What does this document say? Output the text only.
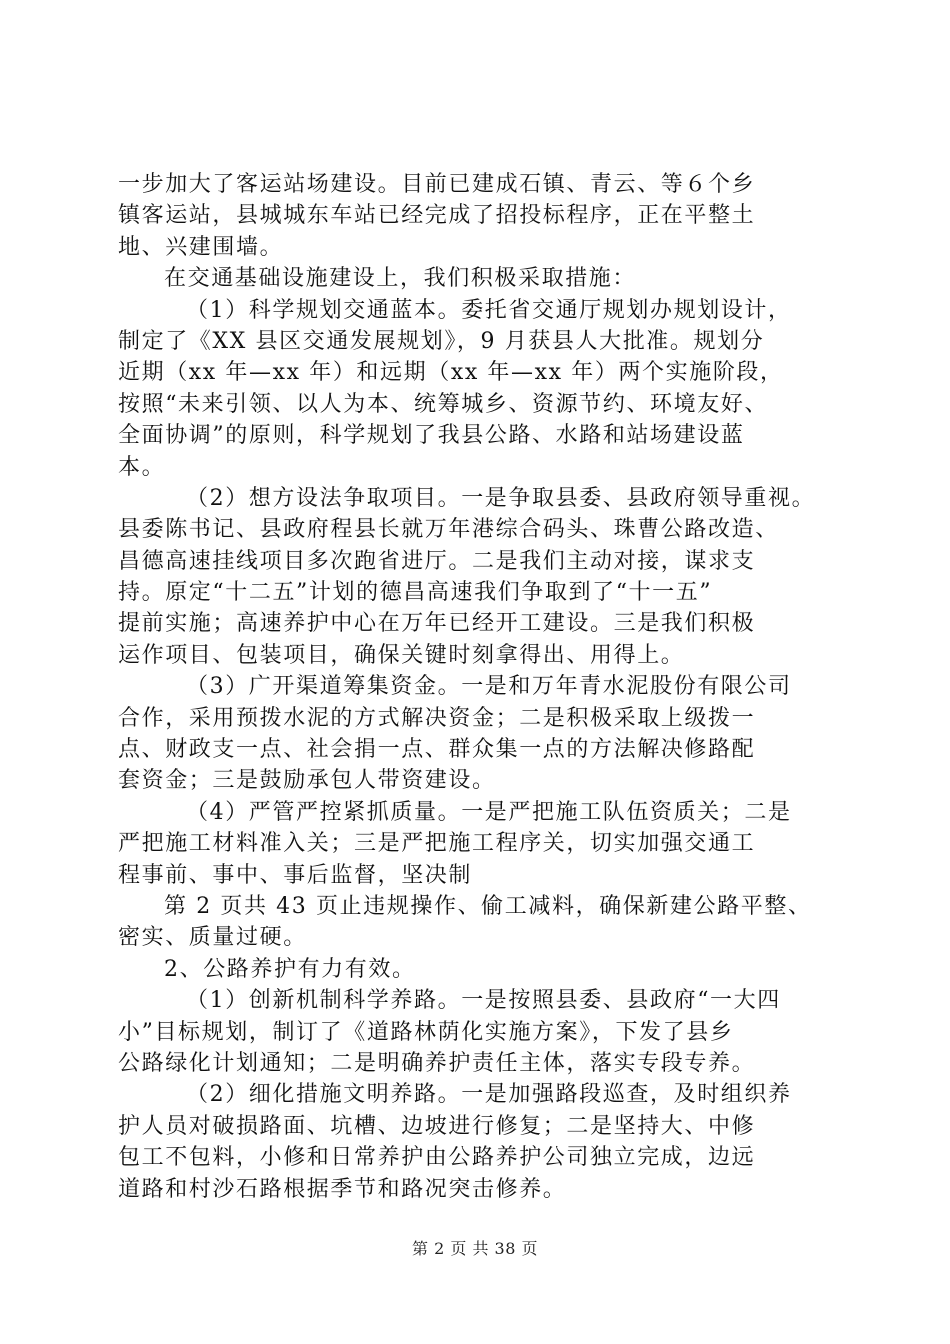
一步加大了客运站场建设。目前已建成石镇、青云、等６个乡
镇客运站，县城城东车站已经完成了招投标程序，正在平整土
地、兴建围墙。
在交通基础设施建设上，我们积极采取措施：
（1）科学规划交通蓝本。委托省交通厅规划办规划设计，
制定了《XX 县区交通发展规划》，9 月获县人大批准。规划分
近期（xx 年—xx 年）和远期（xx 年—xx 年）两个实施阶段，
按照“未来引领、以人为本、统筹城乡、资源节约、环境友好、
全面协调”的原则，科学规划了我县公路、水路和站场建设蓝
本。
（2）想方设法争取项目。一是争取县委、县政府领导重视。
县委陈书记、县政府程县长就万年港综合码头、珠曹公路改造、
昌德高速挂线项目多次跑省进厅。二是我们主动对接，谋求支
持。原定“十二五”计划的德昌高速我们争取到了“十一五”
提前实施；高速养护中心在万年已经开工建设。三是我们积极
运作项目、包装项目，确保关键时刻拿得出、用得上。
（3）广开渠道筹集资金。一是和万年青水泥股份有限公司
合作，采用预拨水泥的方式解决资金；二是积极采取上级拨一
点、财政支一点、社会捐一点、群众集一点的方法解决修路配
套资金；三是鼓励承包人带资建设。
（4）严管严控紧抓质量。一是严把施工队伍资质关；二是
严把施工材料准入关；三是严把施工程序关，切实加强交通工
程事前、事中、事后监督，坚决制
第 2 页共 43 页止违规操作、偷工减料，确保新建公路平整、
密实、质量过硬。
2、公路养护有力有效。
（1）创新机制科学养路。一是按照县委、县政府“一大四
小”目标规划，制订了《道路林荫化实施方案》，下发了县乡
公路绿化计划通知；二是明确养护责任主体，落实专段专养。
（2）细化措施文明养路。一是加强路段巡查，及时组织养
护人员对破损路面、坑槽、边坡进行修复；二是坚持大、中修
包工不包料，小修和日常养护由公路养护公司独立完成，边远
道路和村沙石路根据季节和路况突击修养。
第 2 页 共 38 页
